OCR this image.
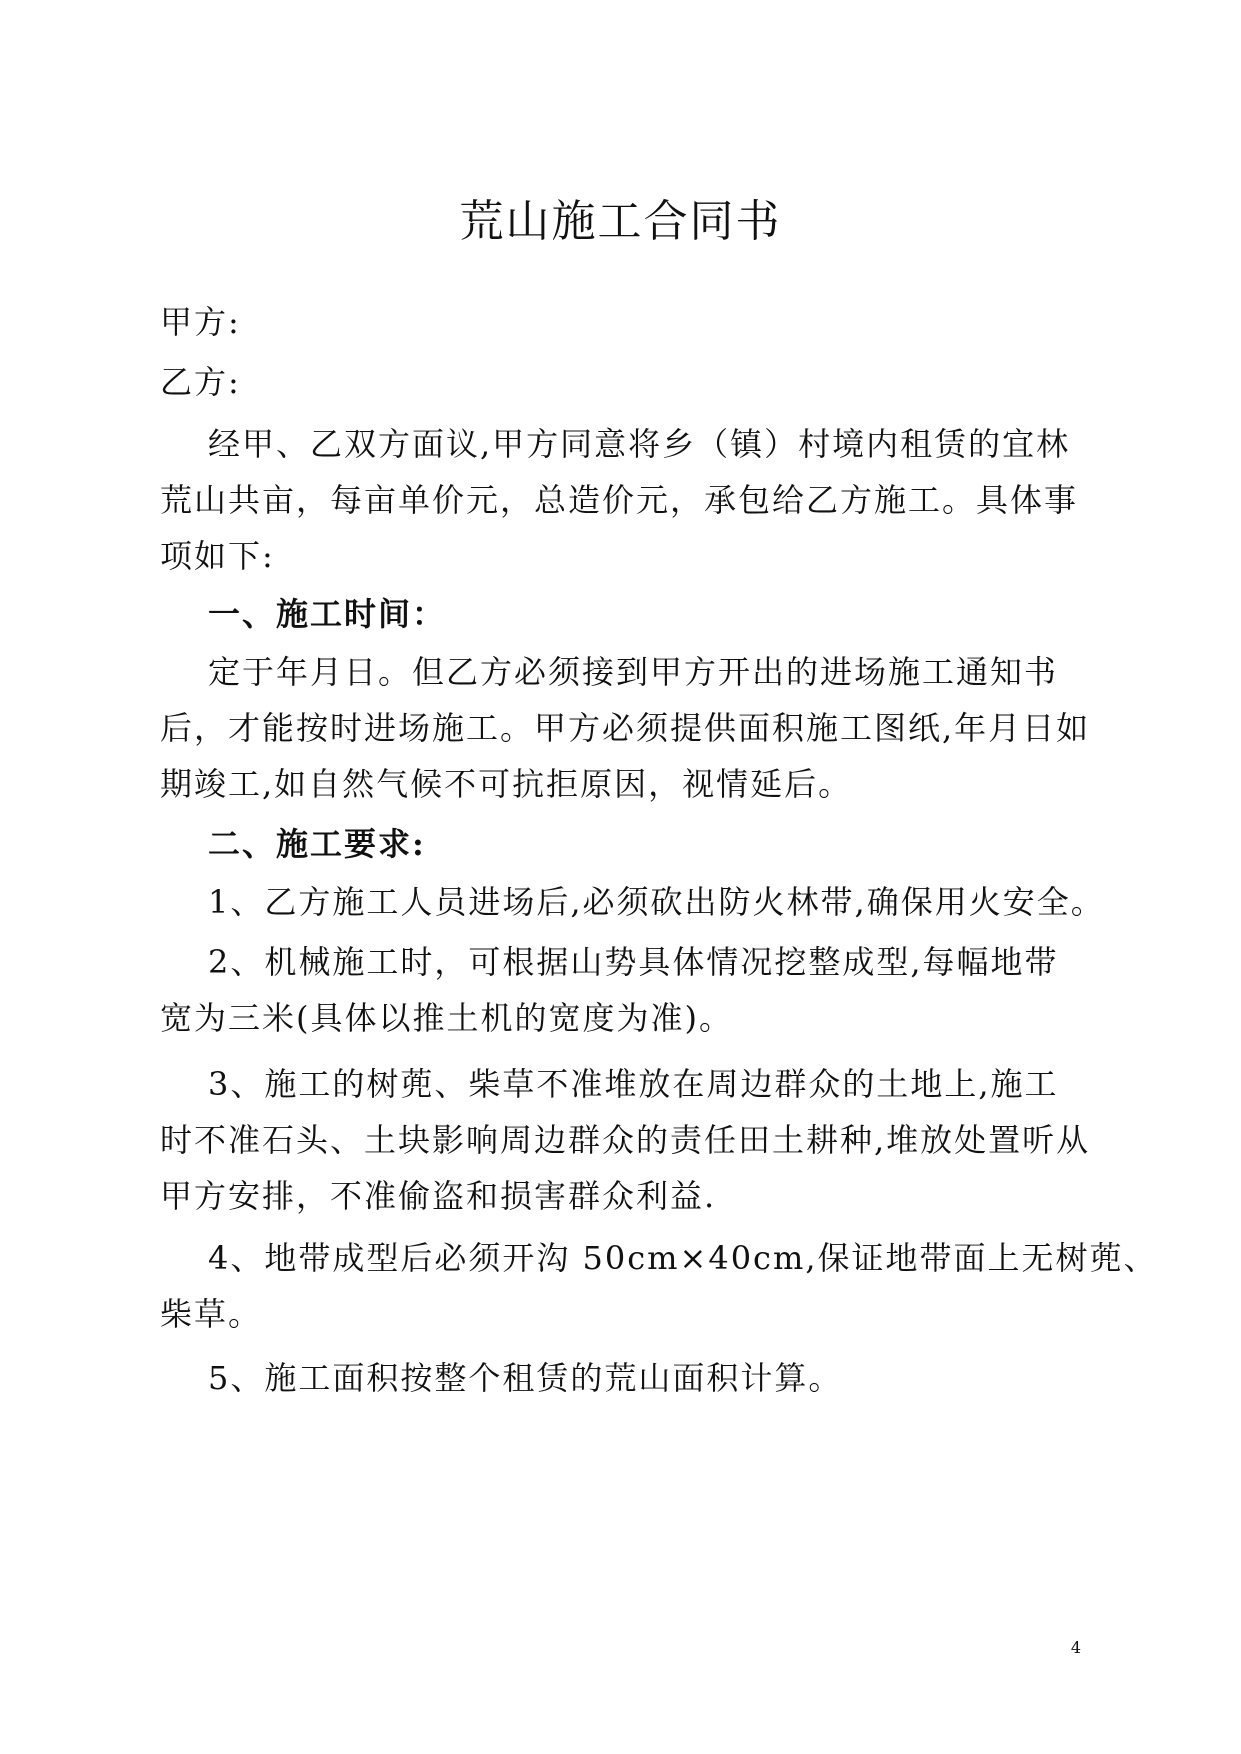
荒山施工合同书
甲方:
乙方:
经甲、乙双方面议,甲方同意将乡（镇）村境内租赁的宜林
荒山共亩，每亩单价元，总造价元，承包给乙方施工。具体事
项如下:
一、施工时间：
定于年月日。但乙方必须接到甲方开出的进场施工通知书
后，才能按时进场施工。甲方必须提供面积施工图纸,年月日如
期竣工,如自然气候不可抗拒原因，视情延后。
二、施工要求:
1、乙方施工人员进场后,必须砍出防火林带,确保用火安全。
2、机械施工时，可根据山势具体情况挖整成型,每幅地带
宽为三米(具体以推土机的宽度为准)。
3、施工的树蔸、柴草不准堆放在周边群众的土地上,施工
时不准石头、土块影响周边群众的责任田土耕种,堆放处置听从
甲方安排，不准偷盗和损害群众利益.
4、地带成型后必须开沟 50cm×40cm,保证地带面上无树蔸、
柴草。
5、施工面积按整个租赁的荒山面积计算。
4
